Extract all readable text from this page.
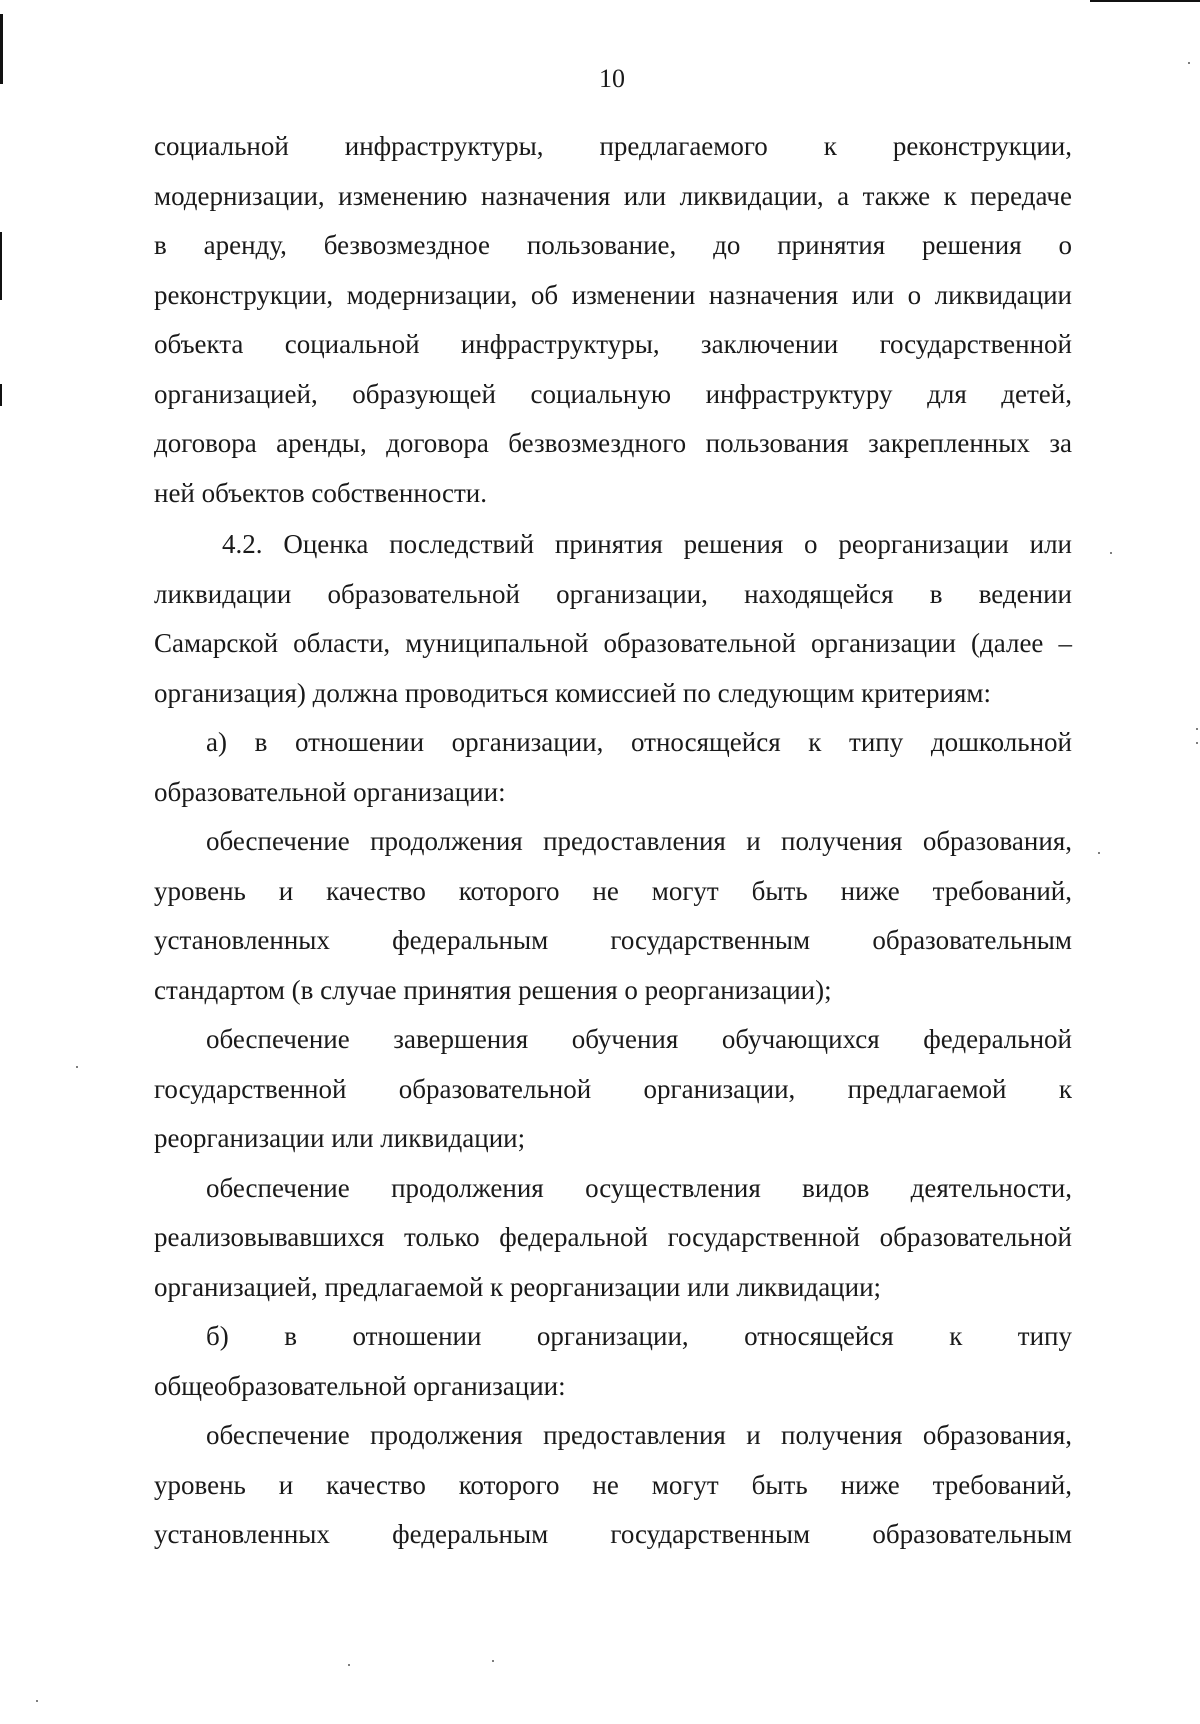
10
социальной инфраструктуры, предлагаемого к реконструкции,
модернизации, изменению назначения или ликвидации, а также к передаче
в аренду, безвозмездное пользование, до принятия решения о
реконструкции, модернизации, об изменении назначения или о ликвидации
объекта социальной инфраструктуры, заключении государственной
организацией, образующей социальную инфраструктуру для детей,
договора аренды, договора безвозмездного пользования закрепленных за
ней объектов собственности.
4.2. Оценка последствий принятия решения о реорганизации или
ликвидации образовательной организации, находящейся в ведении
Самарской области, муниципальной образовательной организации (далее –
организация) должна проводиться комиссией по следующим критериям:
а) в отношении организации, относящейся к типу дошкольной
образовательной организации:
обеспечение продолжения предоставления и получения образования,
уровень и качество которого не могут быть ниже требований,
установленных федеральным государственным образовательным
стандартом (в случае принятия решения о реорганизации);
обеспечение завершения обучения обучающихся федеральной
государственной образовательной организации, предлагаемой к
реорганизации или ликвидации;
обеспечение продолжения осуществления видов деятельности,
реализовывавшихся только федеральной государственной образовательной
организацией, предлагаемой к реорганизации или ликвидации;
б) в отношении организации, относящейся к типу
общеобразовательной организации:
обеспечение продолжения предоставления и получения образования,
уровень и качество которого не могут быть ниже требований,
установленных федеральным государственным образовательным
